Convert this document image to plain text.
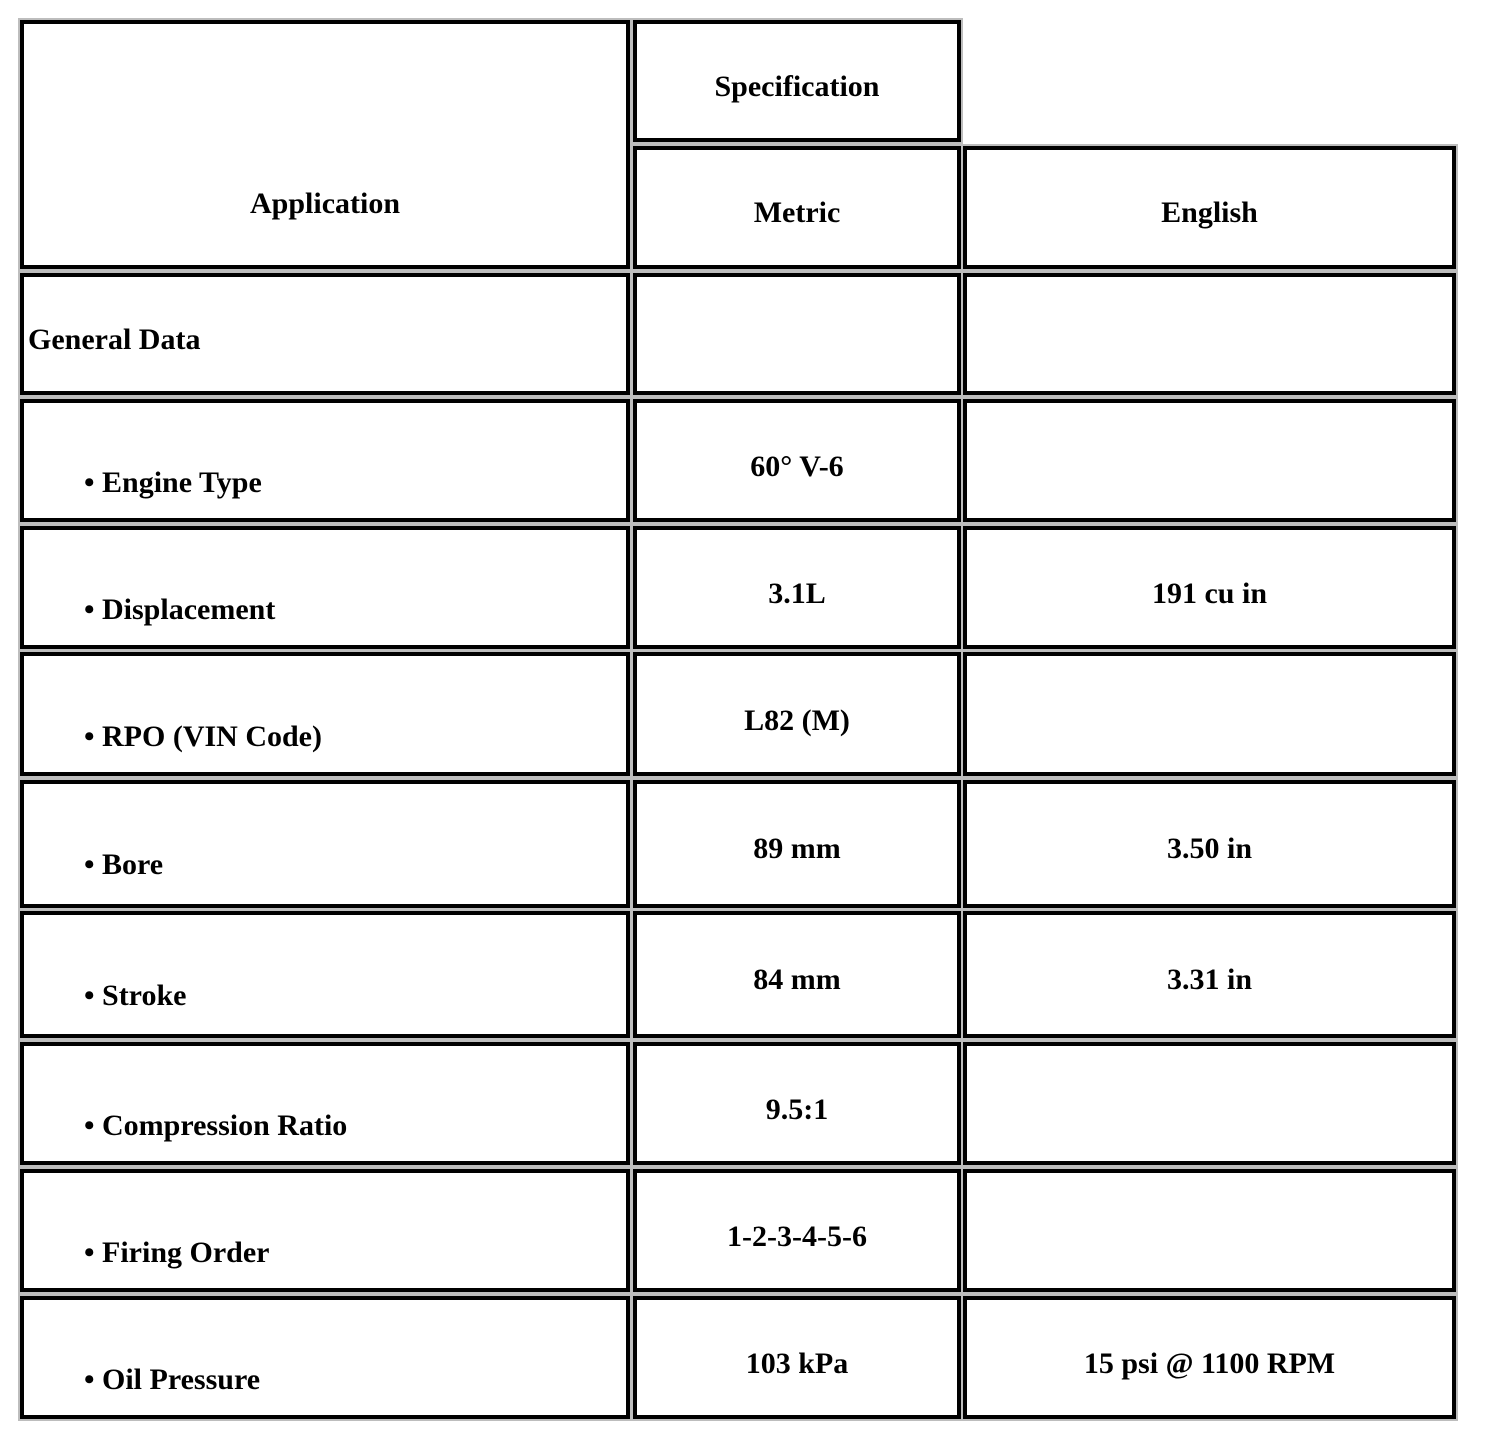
Application
Specification
Metric	English
General Data
• Engine Type	60° V-6
• Displacement	3.1L	191 cu in
• RPO (VIN Code)	L82 (M)
• Bore	89 mm	3.50 in
• Stroke	84 mm	3.31 in
• Compression Ratio	9.5:1
• Firing Order	1-2-3-4-5-6
• Oil Pressure	103 kPa	15 psi @ 1100 RPM
